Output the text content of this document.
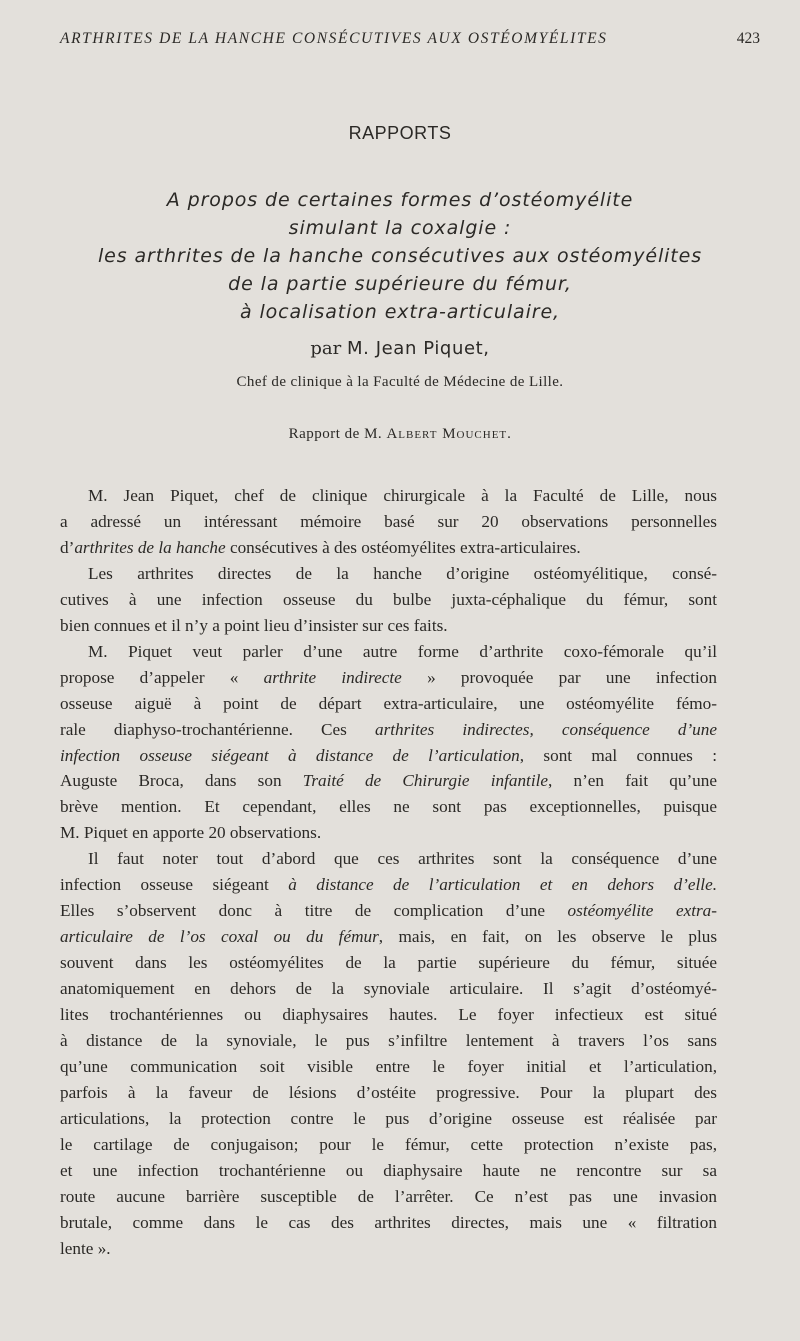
ARTHRITES DE LA HANCHE CONSÉCUTIVES AUX OSTÉOMYÉLITES	423
RAPPORTS
A propos de certaines formes d’ostéomyélite
simulant la coxalgie :
les arthrites de la hanche consécutives aux ostéomyélites
de la partie supérieure du fémur,
à localisation extra-articulaire,
par M. Jean Piquet,
Chef de clinique à la Faculté de Médecine de Lille.
Rapport de M. Albert Mouchet.
M. Jean Piquet, chef de clinique chirurgicale à la Faculté de Lille, nous
a adressé un intéressant mémoire basé sur 20 observations personnelles
d’arthrites de la hanche consécutives à des ostéomyélites extra-articulaires.
Les arthrites directes de la hanche d’origine ostéomyélitique, consé-
cutives à une infection osseuse du bulbe juxta-céphalique du fémur, sont
bien connues et il n’y a point lieu d’insister sur ces faits.
M. Piquet veut parler d’une autre forme d’arthrite coxo-fémorale qu’il
propose d’appeler « arthrite indirecte » provoquée par une infection
osseuse aiguë à point de départ extra-articulaire, une ostéomyélite fémo-
rale diaphyso-trochantérienne. Ces arthrites indirectes, conséquence d’une
infection osseuse siégeant à distance de l’articulation, sont mal connues :
Auguste Broca, dans son Traité de Chirurgie infantile, n’en fait qu’une
brève mention. Et cependant, elles ne sont pas exceptionnelles, puisque
M. Piquet en apporte 20 observations.
Il faut noter tout d’abord que ces arthrites sont la conséquence d’une
infection osseuse siégeant à distance de l’articulation et en dehors d’elle.
Elles s’observent donc à titre de complication d’une ostéomyélite extra-
articulaire de l’os coxal ou du fémur, mais, en fait, on les observe le plus
souvent dans les ostéomyélites de la partie supérieure du fémur, située
anatomiquement en dehors de la synoviale articulaire. Il s’agit d’ostéomyé-
lites trochantériennes ou diaphysaires hautes. Le foyer infectieux est situé
à distance de la synoviale, le pus s’infiltre lentement à travers l’os sans
qu’une communication soit visible entre le foyer initial et l’articulation,
parfois à la faveur de lésions d’ostéite progressive. Pour la plupart des
articulations, la protection contre le pus d’origine osseuse est réalisée par
le cartilage de conjugaison; pour le fémur, cette protection n’existe pas,
et une infection trochantérienne ou diaphysaire haute ne rencontre sur sa
route aucune barrière susceptible de l’arrêter. Ce n’est pas une invasion
brutale, comme dans le cas des arthrites directes, mais une « filtration
lente ».
